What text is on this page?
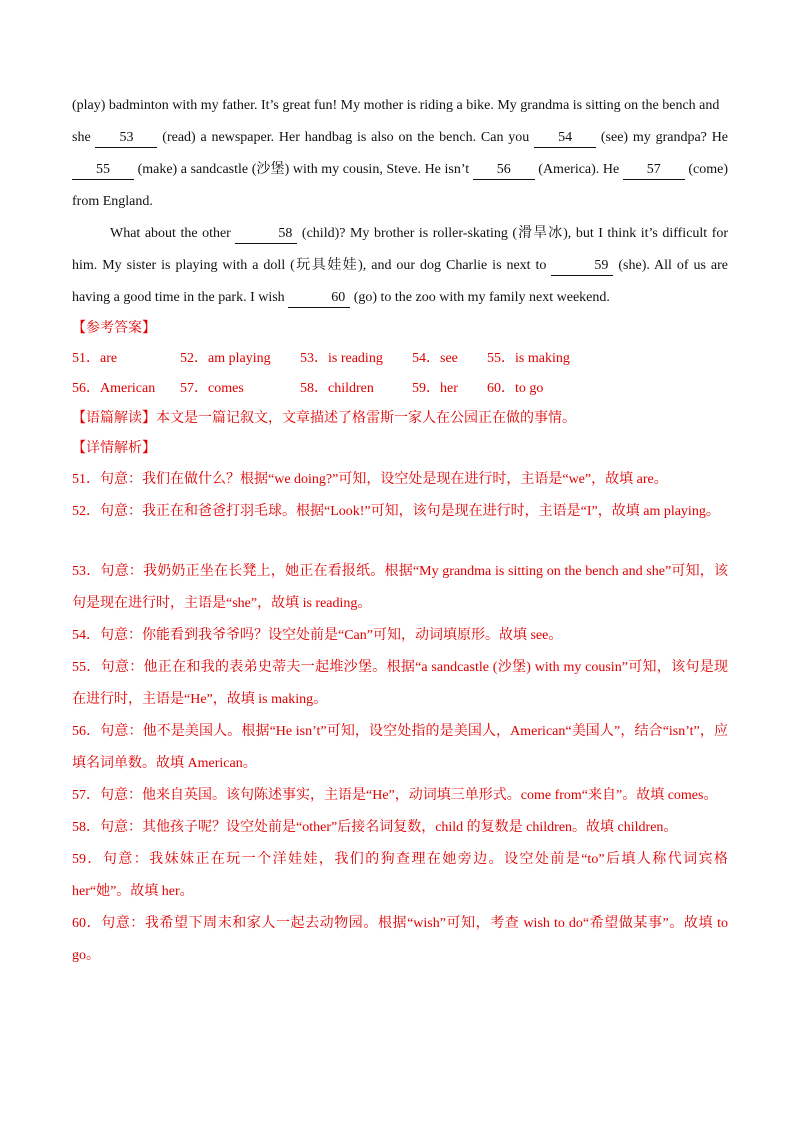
(play) badminton with my father. It’s great fun! My mother is riding a bike. My grandma is sitting on the bench and
she 53 (read) a newspaper. Her handbag is also on the bench. Can you 54 (see) my grandpa? He 55 (make) a sandcastle (沙堡) with my cousin, Steve. He isn’t 56 (America). He 57 (come) from England.

What about the other	58 (child)? My brother is roller-skating (滑旱冰), but I think it’s difficult for him. My sister is playing with a doll (玩具娃娃), and our dog Charlie is next to	59 (she). All of us are having a good time in the park. I wish	60 (go) to the zoo with my family next weekend.

【参考答案】

51．are	52．am playing	53．is reading	54．see	55．is making
56．American	57．comes	58．children	59．her	60．to go

【语篇解读】本文是一篇记叙文，文章描述了格雷斯一家人在公园正在做的事情。

【详情解析】

51．句意：我们在做什么？根据“we doing?”可知，设空处是现在进行时，主语是“we”，故填 are。

52．句意：我正在和爸爸打羽毛球。根据“Look!”可知，该句是现在进行时，主语是“I”，故填 am playing。

53．句意：我奶奶正坐在长凳上，她正在看报纸。根据“My grandma is sitting on the bench and she”可知，该句是现在进行时，主语是“she”，故填 is reading。

54．句意：你能看到我爷爷吗？设空处前是“Can”可知，动词填原形。故填 see。

55．句意：他正在和我的表弟史蒂夫一起堆沙堡。根据“a sandcastle (沙堡) with my cousin”可知，该句是现在进行时，主语是“He”，故填 is making。

56．句意：他不是美国人。根据“He isn’t”可知，设空处指的是美国人，American“美国人”，结合“isn’t”，应填名词单数。故填 American。

57．句意：他来自英国。该句陈述事实，主语是“He”，动词填三单形式。come from“来自”。故填 comes。

58．句意：其他孩子呢？设空处前是“other”后接名词复数，child 的复数是 children。故填 children。

59．句意：我妹妹正在玩一个洋娃娃，我们的狗查理在她旁边。设空处前是“to”后填人称代词宾格 her“她”。故填 her。

60．句意：我希望下周末和家人一起去动物园。根据“wish”可知，考查 wish to do“希望做某事”。故填 to go。
